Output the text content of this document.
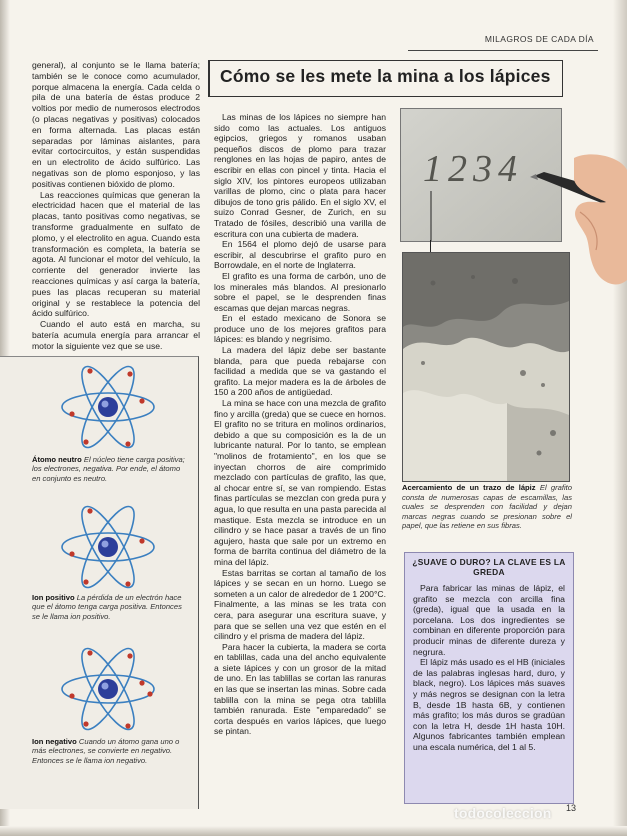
MILAGROS DE CADA DÍA

general), al conjunto se le llama batería; también se le conoce como acumulador, porque almacena la energía. Cada celda o pila de una batería de éstas produce 2 voltios por medio de numerosos electrodos (o placas negativas y positivas) colocados en forma alternada. Las placas están separadas por láminas aislantes, para evitar cortocircuitos, y están suspendidas en un electrolito de ácido sulfúrico. Las negativas son de plomo esponjoso, y las positivas contienen bióxido de plomo.

Las reacciones químicas que generan la electricidad hacen que el material de las placas, tanto positivas como negativas, se transforme gradualmente en sulfato de plomo, y el electrolito en agua. Cuando esta transformación es completa, la batería se agota. Al funcionar el motor del vehículo, la corriente del generador invierte las reacciones químicas y así carga la batería, pues las placas recuperan su material original y se restablece la potencia del ácido sulfúrico.

Cuando el auto está en marcha, su batería acumula energía para arrancar el motor la siguiente vez que se use.

Átomo neutro El núcleo tiene carga positiva; los electrones, negativa. Por ende, el átomo en conjunto es neutro.
Ion positivo La pérdida de un electrón hace que el átomo tenga carga positiva. Entonces se le llama ion positivo.
Ion negativo Cuando un átomo gana uno o más electrones, se convierte en negativo. Entonces se le llama ion negativo.
Cómo se les mete la mina a los lápices

Las minas de los lápices no siempre han sido como las actuales. Los antiguos egipcios, griegos y romanos usaban pequeños discos de plomo para trazar renglones en las hojas de papiro, antes de escribir en ellas con pincel y tinta. Hacia el siglo XIV, los pintores europeos utilizaban varillas de plomo, cinc o plata para hacer dibujos de tono gris pálido. En el siglo XV, el suizo Conrad Gesner, de Zurich, en su Tratado de fósiles, describió una varilla de escritura con una cubierta de madera.

En 1564 el plomo dejó de usarse para escribir, al descubrirse el grafito puro en Borrowdale, en el norte de Inglaterra.

El grafito es una forma de carbón, uno de los minerales más blandos. Al presionarlo sobre el papel, se le desprenden finas escamas que dejan marcas negras.

En el estado mexicano de Sonora se produce uno de los mejores grafitos para lápices: es blando y negrísimo.

La madera del lápiz debe ser bastante blanda, para que pueda rebajarse con facilidad a medida que se va gastando el grafito. La mejor madera es la de árboles de 150 a 200 años de antigüedad.

La mina se hace con una mezcla de grafito fino y arcilla (greda) que se cuece en hornos. El grafito no se tritura en molinos ordinarios, debido a que su composición es la de un lubricante natural. Por lo tanto, se emplean "molinos de frotamiento", en los que se inyectan chorros de aire comprimido mezclado con partículas de grafito, las que, al chocar entre sí, se van rompiendo. Estas finas partículas se mezclan con greda pura y agua, lo que resulta en una pasta parecida al mastique. Esta mezcla se introduce en un cilindro y se hace pasar a través de un fino agujero, hasta que sale por un extremo en forma de barrita continua del diámetro de la mina del lápiz.

Estas barritas se cortan al tamaño de los lápices y se secan en un horno. Luego se someten a un calor de alrededor de 1 200°C. Finalmente, a las minas se les trata con cera, para asegurar una escritura suave, y para que se sellen una vez que estén en el cilindro y el prisma de madera del lápiz.

Para hacer la cubierta, la madera se corta en tablillas, cada una del ancho equivalente a siete lápices y con un grosor de la mitad de uno. En las tablillas se cortan las ranuras en las que se insertan las minas. Sobre cada tablilla con la mina se pega otra tablilla también ranurada. Este "emparedado" se corta después en varios lápices, que luego se pintan.

1234
Acercamiento de un trazo de lápiz El grafito consta de numerosas capas de escamillas, las cuales se desprenden con facilidad y dejan marcas negras cuando se presionan sobre el papel, que las retiene en sus fibras.
¿SUAVE O DURO? LA CLAVE ES LA GREDA

Para fabricar las minas de lápiz, el grafito se mezcla con arcilla fina (greda), igual que la usada en la porcelana. Los dos ingredientes se combinan en diferente proporción para producir minas de diferente dureza y negrura.

El lápiz más usado es el HB (iniciales de las palabras inglesas hard, duro, y black, negro). Los lápices más suaves y más negros se designan con la letra B, desde 1B hasta 6B, y contienen más grafito; los más duros se gradúan con la letra H, desde 1H hasta 10H. Algunos fabricantes también emplean una escala numérica, del 1 al 5.

todocoleccion 13
